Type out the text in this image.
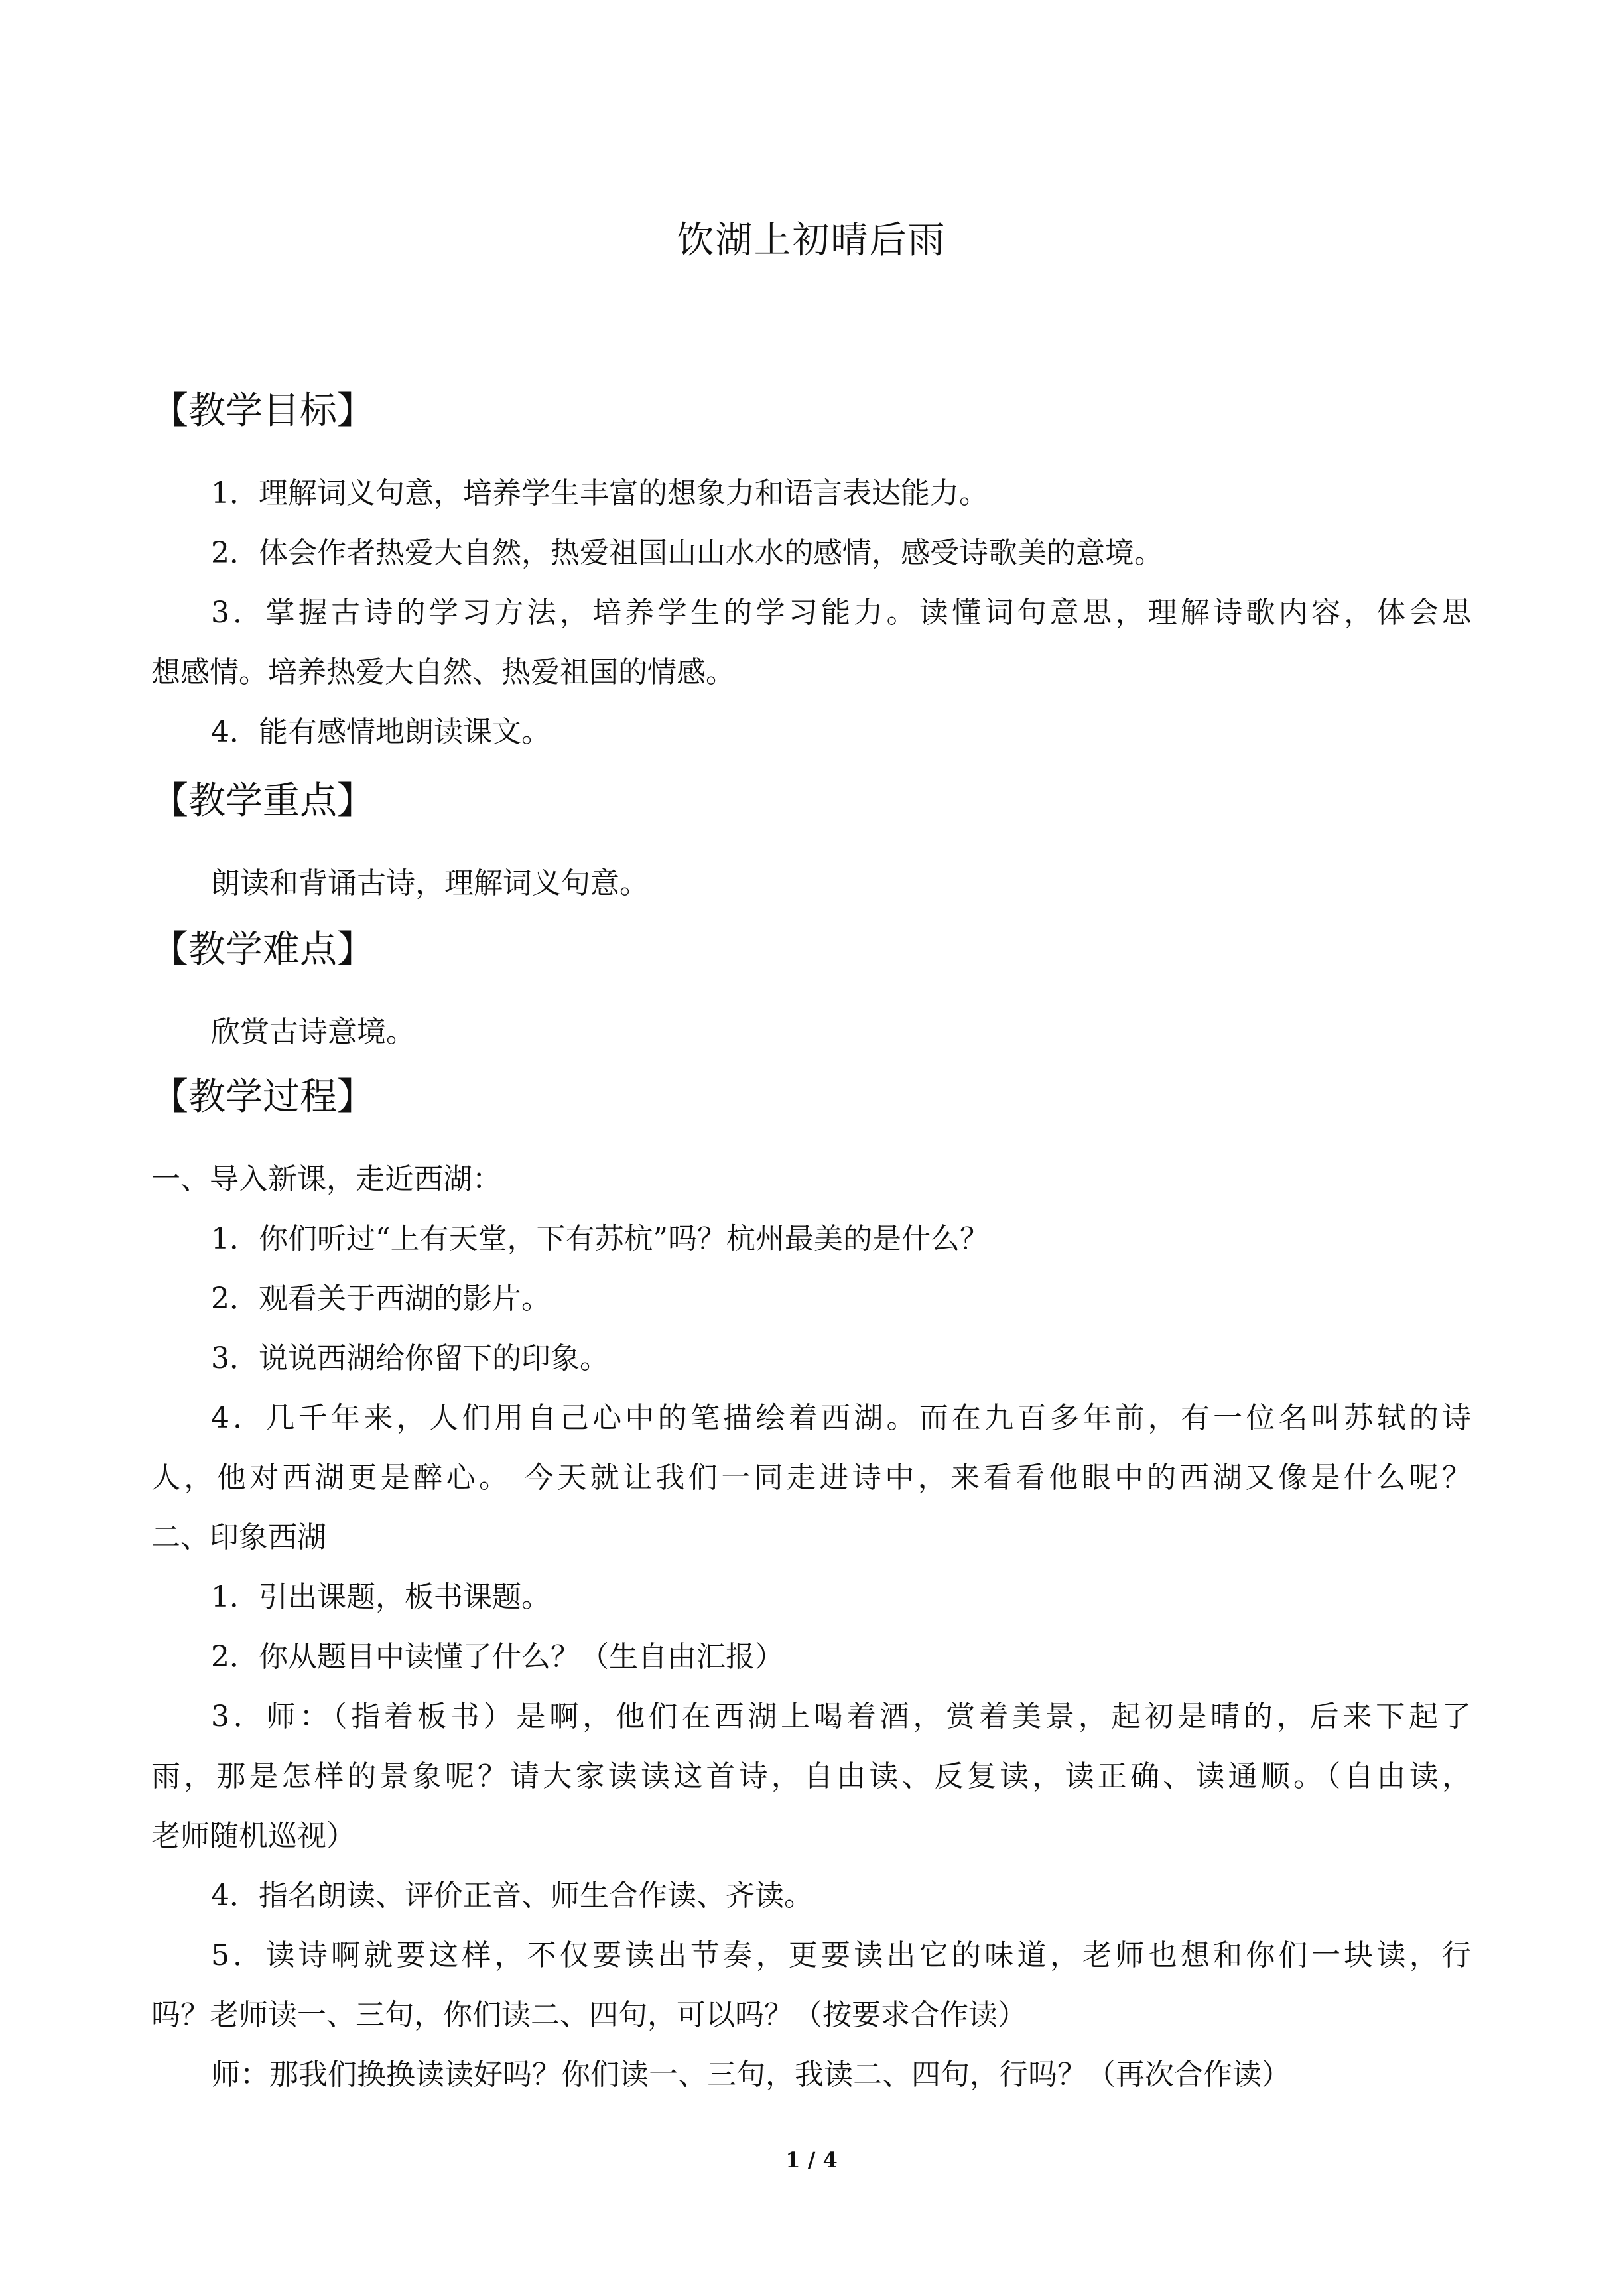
饮湖上初晴后雨
【教学目标】
1．理解词义句意，培养学生丰富的想象力和语言表达能力。
2．体会作者热爱大自然，热爱祖国山山水水的感情，感受诗歌美的意境。
3．掌握古诗的学习方法，培养学生的学习能力。读懂词句意思，理解诗歌内容，体会思
想感情。培养热爱大自然、热爱祖国的情感。
4．能有感情地朗读课文。
【教学重点】
朗读和背诵古诗，理解词义句意。
【教学难点】
欣赏古诗意境。
【教学过程】
一、导入新课，走近西湖：
1．你们听过“上有天堂，下有苏杭”吗？杭州最美的是什么？
2．观看关于西湖的影片。
3．说说西湖给你留下的印象。
4．几千年来，人们用自己心中的笔描绘着西湖。而在九百多年前，有一位名叫苏轼的诗
人，他对西湖更是醉心。 今天就让我们一同走进诗中，来看看他眼中的西湖又像是什么呢？
二、印象西湖
1．引出课题，板书课题。
2．你从题目中读懂了什么？（生自由汇报）
3．师：（指着板书）是啊，他们在西湖上喝着酒，赏着美景，起初是晴的，后来下起了
雨，那是怎样的景象呢？请大家读读这首诗，自由读、反复读，读正确、读通顺。（自由读，
老师随机巡视）
4．指名朗读、评价正音、师生合作读、齐读。
5．读诗啊就要这样，不仅要读出节奏，更要读出它的味道，老师也想和你们一块读，行
吗？老师读一、三句，你们读二、四句，可以吗？（按要求合作读）
师：那我们换换读读好吗？你们读一、三句，我读二、四句，行吗？（再次合作读）
1 / 4
